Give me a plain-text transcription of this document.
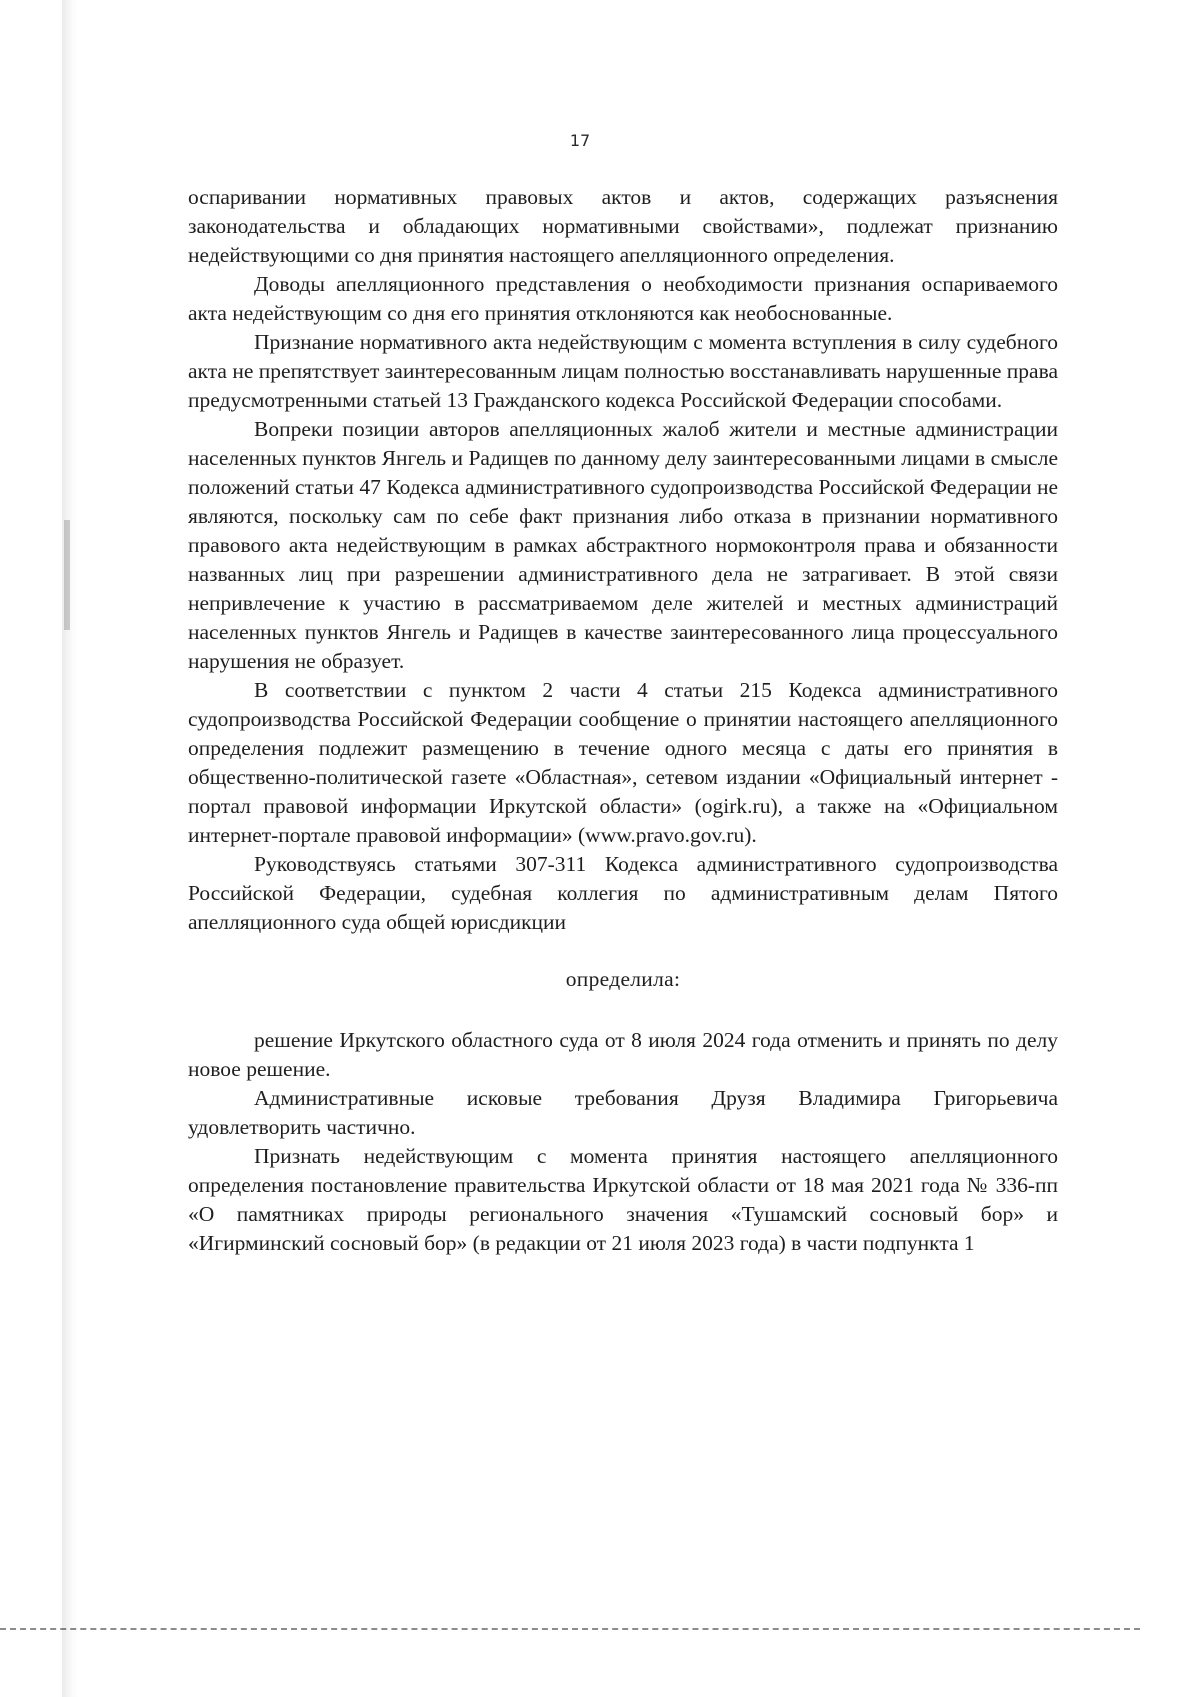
17

оспаривании нормативных правовых актов и актов, содержащих разъяснения законодательства и обладающих нормативными свойствами», подлежат признанию недействующими со дня принятия настоящего апелляционного определения.

Доводы апелляционного представления о необходимости признания оспариваемого акта недействующим со дня его принятия отклоняются как необоснованные.

Признание нормативного акта недействующим с момента вступления в силу судебного акта не препятствует заинтересованным лицам полностью восстанавливать нарушенные права предусмотренными статьей 13 Гражданского кодекса Российской Федерации способами.

Вопреки позиции авторов апелляционных жалоб жители и местные администрации населенных пунктов Янгель и Радищев по данному делу заинтересованными лицами в смысле положений статьи 47 Кодекса административного судопроизводства Российской Федерации не являются, поскольку сам по себе факт признания либо отказа в признании нормативного правового акта недействующим в рамках абстрактного нормоконтроля права и обязанности названных лиц при разрешении административного дела не затрагивает. В этой связи непривлечение к участию в рассматриваемом деле жителей и местных администраций населенных пунктов Янгель и Радищев в качестве заинтересованного лица процессуального нарушения не образует.

В соответствии с пунктом 2 части 4 статьи 215 Кодекса административного судопроизводства Российской Федерации сообщение о принятии настоящего апелляционного определения подлежит размещению в течение одного месяца с даты его принятия в общественно-политической газете «Областная», сетевом издании «Официальный интернет - портал правовой информации Иркутской области» (ogirk.ru), а также на «Официальном интернет-портале правовой информации» (www.pravo.gov.ru).

Руководствуясь статьями 307-311 Кодекса административного судопроизводства Российской Федерации, судебная коллегия по административным делам Пятого апелляционного суда общей юрисдикции

определила:

решение Иркутского областного суда от 8 июля 2024 года отменить и принять по делу новое решение.

Административные исковые требования Друзя Владимира Григорьевича удовлетворить частично.

Признать недействующим с момента принятия настоящего апелляционного определения постановление правительства Иркутской области от 18 мая 2021 года № 336-пп «О памятниках природы регионального значения «Тушамский сосновый бор» и «Игирминский сосновый бор» (в редакции от 21 июля 2023 года) в части подпункта 1
